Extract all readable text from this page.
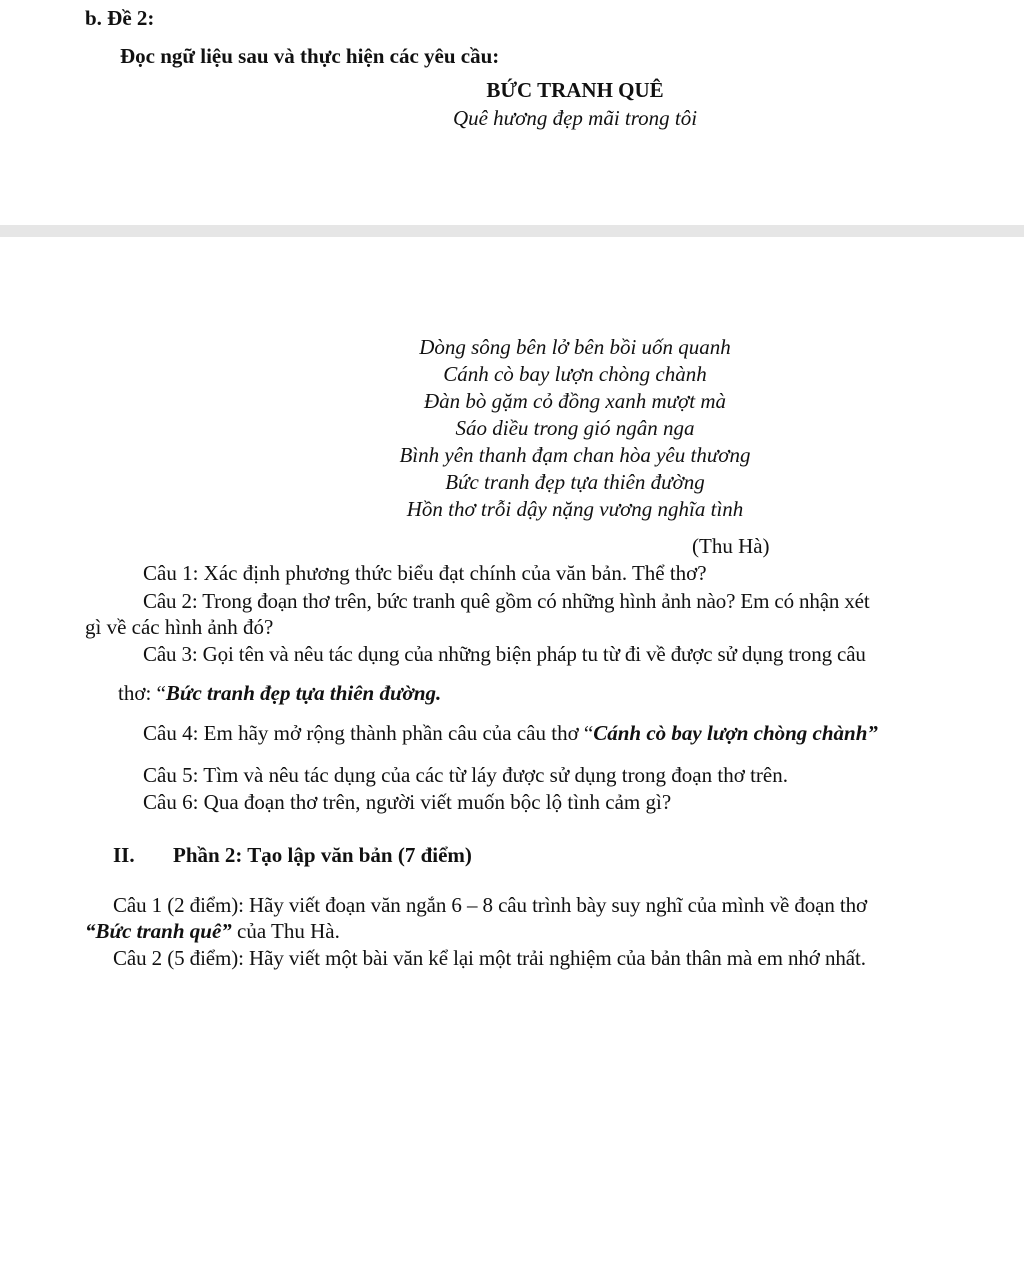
b. Đề 2:
Đọc ngữ liệu sau và thực hiện các yêu cầu:
BỨC TRANH QUÊ
Quê hương đẹp mãi trong tôi
Dòng sông bên lở bên bồi uốn quanh
Cánh cò bay lượn chòng chành
Đàn bò gặm cỏ đồng xanh mượt mà
Sáo diều trong gió ngân nga
Bình yên thanh đạm chan hòa yêu thương
Bức tranh đẹp tựa thiên đường
Hồn thơ trỗi dậy nặng vương nghĩa tình
(Thu Hà)
Câu 1: Xác định phương thức biểu đạt chính của văn bản. Thể thơ?
Câu 2: Trong đoạn thơ trên, bức tranh quê gồm có những hình ảnh nào? Em có nhận xét
gì về các hình ảnh đó?
Câu 3: Gọi tên và nêu tác dụng của những biện pháp tu từ đi về được sử dụng trong câu
thơ: “Bức tranh đẹp tựa thiên đường.
Câu 4: Em hãy mở rộng thành phần câu của câu thơ “Cánh cò bay lượn chòng chành”
Câu 5: Tìm và nêu tác dụng của các từ láy được sử dụng trong đoạn thơ trên.
Câu 6: Qua đoạn thơ trên, người viết muốn bộc lộ tình cảm gì?
II. Phần 2: Tạo lập văn bản (7 điểm)
Câu 1 (2 điểm): Hãy viết đoạn văn ngắn 6 – 8 câu trình bày suy nghĩ của mình về đoạn thơ
“Bức tranh quê” của Thu Hà.
Câu 2 (5 điểm): Hãy viết một bài văn kể lại một trải nghiệm của bản thân mà em nhớ nhất.
